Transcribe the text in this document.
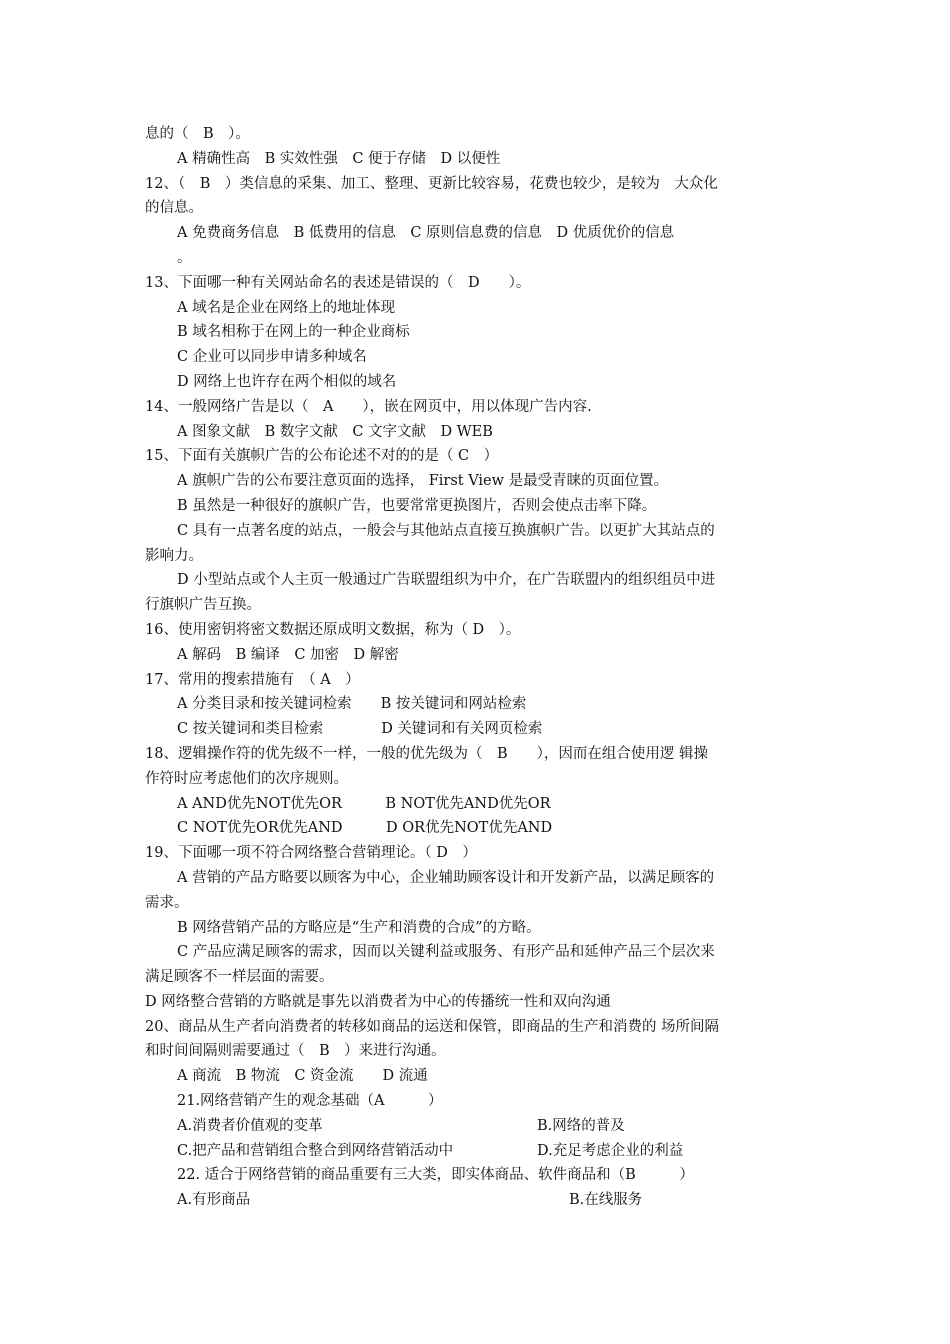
息的（　B　）。
A 精确性高　B 实效性强　C 便于存储　D 以便性
12、（　B　）类信息的采集、加工、整理、更新比较容易，花费也较少，是较为　大众化
的信息。
A 免费商务信息　B 低费用的信息　C 原则信息费的信息　D 优质优价的信息
。
13、下面哪一种有关网站命名的表述是错误的（　D　　）。
A 域名是企业在网络上的地址体现
B 域名相称于在网上的一种企业商标
C 企业可以同步申请多种域名
D 网络上也许存在两个相似的域名
14、一般网络广告是以（　A　　），嵌在网页中，用以体现广告内容.
A 图象文献　B 数字文献　C 文字文献　D WEB
15、下面有关旗帜广告的公布论述不对的的是（ C　）
A 旗帜广告的公布要注意页面的选择， First View 是最受青睐的页面位置。
B 虽然是一种很好的旗帜广告，也要常常更换图片，否则会使点击率下降。
C 具有一点著名度的站点，一般会与其他站点直接互换旗帜广告。以更扩大其站点的
影响力。
D 小型站点或个人主页一般通过广告联盟组织为中介，在广告联盟内的组织组员中进
行旗帜广告互换。
16、使用密钥将密文数据还原成明文数据，称为（ D　）。
A 解码　B 编译　C 加密　D 解密
17、常用的搜索措施有　（ A　）
A 分类目录和按关键词检索　　B 按关键词和网站检索
C 按关键词和类目检索　　　　D 关键词和有关网页检索
18、逻辑操作符的优先级不一样，一般的优先级为（　B　　），因而在组合使用逻 辑操
作符时应考虑他们的次序规则。
A AND优先NOT优先OR　　　B NOT优先AND优先OR
C NOT优先OR优先AND　　　D OR优先NOT优先AND
19、下面哪一项不符合网络整合营销理论。（ D　）
A 营销的产品方略要以顾客为中心，企业辅助顾客设计和开发新产品，以满足顾客的
需求。
B 网络营销产品的方略应是“生产和消费的合成”的方略。
C 产品应满足顾客的需求，因而以关键利益或服务、有形产品和延伸产品三个层次来
满足顾客不一样层面的需要。
D 网络整合营销的方略就是事先以消费者为中心的传播统一性和双向沟通
20、商品从生产者向消费者的转移如商品的运送和保管，即商品的生产和消费的 场所间隔
和时间间隔则需要通过（　B　）来进行沟通。
A 商流　B 物流　C 资金流　　D 流通
21.网络营销产生的观念基础（A　　　）
A.消费者价值观的变革	B.网络的普及
C.把产品和营销组合整合到网络营销活动中	D.充足考虑企业的利益
22. 适合于网络营销的商品重要有三大类，即实体商品、软件商品和（B　　　）
A.有形商品	B.在线服务
